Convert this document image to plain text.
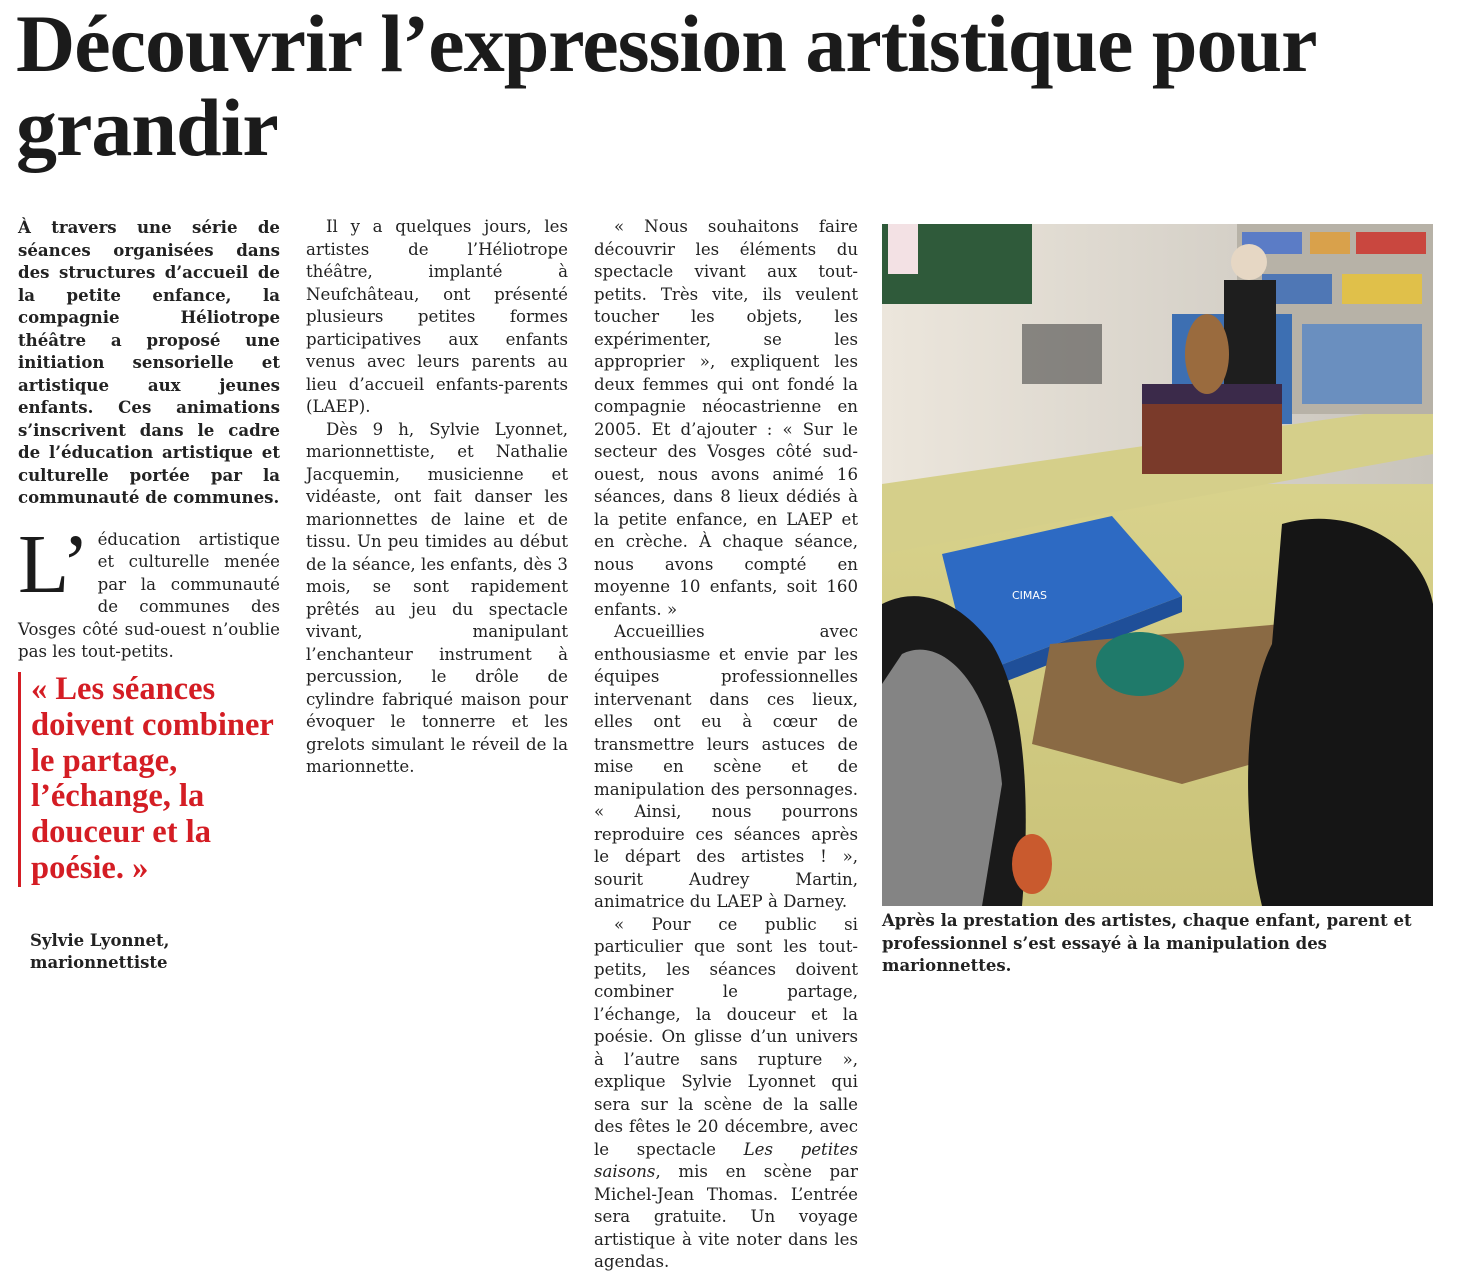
Découvrir l’expression artistique pour grandir

À travers une série de séances organisées dans des structures d’accueil de la petite enfance, la compagnie Héliotrope théâtre a proposé une initiation sensorielle et artistique aux jeunes enfants. Ces animations s’inscrivent dans le cadre de l’éducation artistique et culturelle portée par la communauté de communes.

L’ éducation artistique et culturelle menée par la communauté de communes des Vosges côté sud-ouest n’oublie pas les tout-petits.

« Les séances doivent combiner le partage, l’échange, la douceur et la poésie. »

Sylvie Lyonnet, marionnettiste

Il y a quelques jours, les artistes de l’Héliotrope théâtre, implanté à Neufchâteau, ont présenté plusieurs petites formes participatives aux enfants venus avec leurs parents au lieu d’accueil enfants-parents (LAEP).

Dès 9 h, Sylvie Lyonnet, marionnettiste, et Nathalie Jacquemin, musicienne et vidéaste, ont fait danser les marionnettes de laine et de tissu. Un peu timides au début de la séance, les enfants, dès 3 mois, se sont rapidement prêtés au jeu du spectacle vivant, manipulant l’enchanteur instrument à percussion, le drôle de cylindre fabriqué maison pour évoquer le tonnerre et les grelots simulant le réveil de la marionnette.

« Nous souhaitons faire découvrir les éléments du spectacle vivant aux tout-petits. Très vite, ils veulent toucher les objets, les expérimenter, se les approprier », expliquent les deux femmes qui ont fondé la compagnie néocastrienne en 2005. Et d’ajouter : « Sur le secteur des Vosges côté sud-ouest, nous avons animé 16 séances, dans 8 lieux dédiés à la petite enfance, en LAEP et en crèche. À chaque séance, nous avons compté en moyenne 10 enfants, soit 160 enfants. »

Accueillies avec enthousiasme et envie par les équipes professionnelles intervenant dans ces lieux, elles ont eu à cœur de transmettre leurs astuces de mise en scène et de manipulation des personnages. « Ainsi, nous pourrons reproduire ces séances après le départ des artistes ! », sourit Audrey Martin, animatrice du LAEP à Darney.

« Pour ce public si particulier que sont les tout-petits, les séances doivent combiner le partage, l’échange, la douceur et la poésie. On glisse d’un univers à l’autre sans rupture », explique Sylvie Lyonnet qui sera sur la scène de la salle des fêtes le 20 décembre, avec le spectacle Les petites saisons, mis en scène par Michel-Jean Thomas. L’entrée sera gratuite. Un voyage artistique à vite noter dans les agendas.

CIMAS

Après la prestation des artistes, chaque enfant, parent et professionnel s’est essayé à la manipulation des marionnettes.
